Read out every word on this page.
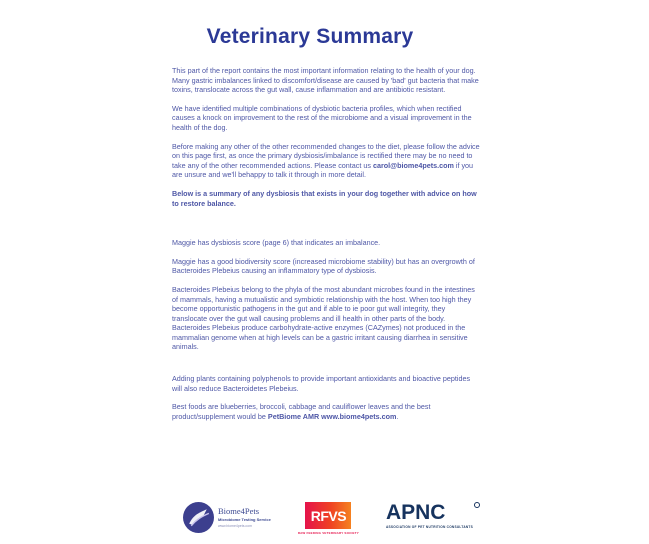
Veterinary Summary

This part of the report contains the most important information relating to the health of your dog. Many gastric imbalances linked to discomfort/disease are caused by 'bad' gut bacteria that make toxins, translocate across the gut wall, cause inflammation and are antibiotic resistant.

We have identified multiple combinations of dysbiotic bacteria profiles, which when rectified causes a knock on improvement to the rest of the microbiome and a visual improvement in the health of the dog.

Before making any other of the other recommended changes to the diet, please follow the advice on this page first, as once the primary dysbiosis/imbalance is rectified there may be no need to take any of the other recommended actions. Please contact us carol@biome4pets.com if you are unsure and we'll behappy to talk it through in more detail.

Below is a summary of any dysbiosis that exists in your dog together with advice on how to restore balance.

Maggie has dysbiosis score (page 6) that indicates an imbalance.

Maggie has a good biodiversity score (increased microbiome stability) but has an overgrowth of Bacteroides Plebeius causing an inflammatory type of dysbiosis.

Bacteroides Plebeius belong to the phyla of the most abundant microbes found in the intestines of mammals, having a mutualistic and symbiotic relationship with the host. When too high they become opportunistic pathogens in the gut and if able to ie poor gut wall integrity, they translocate over the gut wall causing problems and ill health in other parts of the body. Bacteroides Plebeius produce carbohydrate-active enzymes (CAZymes) not produced in the mammalian genome when at high levels can be a gastric irritant causing diarrhea in sensitive animals.

Adding plants containing polyphenols to provide important antioxidants and bioactive peptides will also reduce Bacteroidetes Plebeius.

Best foods are blueberries, broccoli, cabbage and cauliflower leaves and the best product/supplement would be PetBiome AMR www.biome4pets.com.

Biome4Pets
Microbiome Testing Service
www.biome4pets.com
RFVS
RAW FEEDING VETERINARY SOCIETY
APNC
ASSOCIATION OF PET NUTRITION CONSULTANTS
